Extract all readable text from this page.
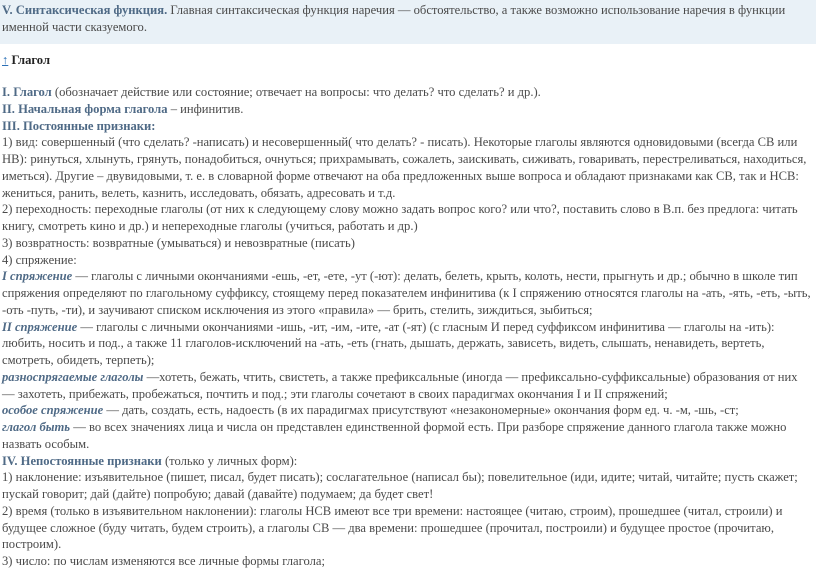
V. Синтаксическая функция. Главная синтаксическая функция наречия — обстоятельство, а также возможно использование наречия в функции именной части сказуемого.
↑ Глагол

I. Глагол (обозначает действие или состояние; отвечает на вопросы: что делать? что сделать? и др.).

II. Начальная форма глагола – инфинитив.

III. Постоянные признаки:

1) вид: совершенный (что сделать? -написать) и несовершенный( что делать? - писать). Некоторые глаголы являются одновидовыми (всегда СВ или НВ): ринуться, хлынуть, грянуть, понадобиться, очнуться; прихрамывать, сожалеть, заискивать, сиживать, говаривать, перестреливаться, находиться, иметься). Другие – двувидовыми, т. е. в словарной форме отвечают на оба предложенных выше вопроса и обладают признаками как СВ, так и НСВ: жениться, ранить, велеть, казнить, исследовать, обязать, адресовать и т.д.

2) переходность: переходные глаголы (от них к следующему слову можно задать вопрос кого? или что?, поставить слово в В.п. без предлога: читать книгу, смотреть кино и др.) и непереходные глаголы (учиться, работать и др.)

3) возвратность: возвратные (умываться) и невозвратные (писать)

4) спряжение:

I спряжение — глаголы с личными окончаниями -ешь, -ет, -ете, -ут (-ют): делать, белеть, крыть, колоть, нести, прыгнуть и др.; обычно в школе тип спряжения определяют по глагольному суффиксу, стоящему перед показателем инфинитива (к I спряжению относятся глаголы на -ать, -ять, -еть, -ыть, -оть -путь, -ти), и заучивают списком исключения из этого «правила» — брить, стелить, зиждиться, зыбиться;

II спряжение — глаголы с личными окончаниями -ишь, -ит, -им, -ите, -ат (-ят) (с гласным И перед суффиксом инфинитива — глаголы на -ить): любить, носить и под., а также 11 глаголов-исключений на -ать, -еть (гнать, дышать, держать, зависеть, видеть, слышать, ненавидеть, вертеть, смотреть, обидеть, терпеть);

разноспрягаемые глаголы —хотеть, бежать, чтить, свистеть, а также префиксальные (иногда — префиксально-суффиксальные) образования от них — захотеть, прибежать, пробежаться, почтить и под.; эти глаголы сочетают в своих парадигмах окончания I и II спряжений;

особое спряжение — дать, создать, есть, надоесть (в их парадигмах присутствуют «незакономерные» окончания форм ед. ч. -м, -шь, -ст;

глагол быть — во всех значениях лица и числа он представлен единственной формой есть. При разборе спряжение данного глагола также можно назвать особым.

IV. Непостоянные признаки (только у личных форм):

1) наклонение: изъявительное (пишет, писал, будет писать); сослагательное (написал бы); повелительное (иди, идите; читай, читайте; пусть скажет; пускай говорит; дай (дайте) попробую; давай (давайте) подумаем; да будет свет!

2) время (только в изъявительном наклонении): глаголы НСВ имеют все три времени: настоящее (читаю, строим), прошедшее (читал, строили) и будущее сложное (буду читать, будем строить), а глаголы СВ — два времени: прошедшее (прочитал, построили) и будущее простое (прочитаю, построим).

3) число: по числам изменяются все личные формы глагола;
